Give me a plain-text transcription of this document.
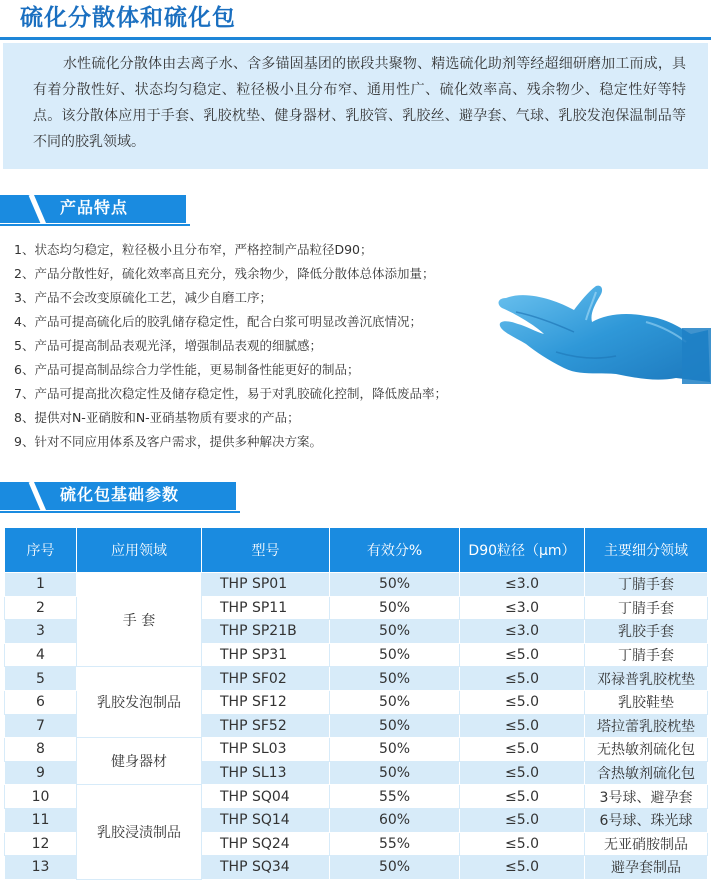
硫化分散体和硫化包

水性硫化分散体由去离子水、含多锚固基团的嵌段共聚物、精选硫化助剂等经超细研磨加工而成，具有着分散性好、状态均匀稳定、粒径极小且分布窄、通用性广、硫化效率高、残余物少、稳定性好等特点。该分散体应用于手套、乳胶枕垫、健身器材、乳胶管、乳胶丝、避孕套、气球、乳胶发泡保温制品等不同的胶乳领域。

产品特点
1、状态均匀稳定，粒径极小且分布窄，严格控制产品粒径D90；
2、产品分散性好，硫化效率高且充分，残余物少，降低分散体总体添加量；
3、产品不会改变原硫化工艺，减少自磨工序；
4、产品可提高硫化后的胶乳储存稳定性，配合白浆可明显改善沉底情况；
5、产品可提高制品表观光泽，增强制品表观的细腻感；
6、产品可提高制品综合力学性能，更易制备性能更好的制品；
7、产品可提高批次稳定性及储存稳定性，易于对乳胶硫化控制，降低废品率；
8、提供对N-亚硝胺和N-亚硝基物质有要求的产品；
9、针对不同应用体系及客户需求，提供多种解决方案。
硫化包基础参数
序号	应用领域	型号	有效分%	D90粒径（μm）	主要细分领域
1	手 套	THP SP01	50%	≤3.0	丁腈手套
2		THP SP11	50%	≤3.0	丁腈手套
3		THP SP21B	50%	≤3.0	乳胶手套
4		THP SP31	50%	≤5.0	丁腈手套
5	乳胶发泡制品	THP SF02	50%	≤5.0	邓禄普乳胶枕垫
6		THP SF12	50%	≤5.0	乳胶鞋垫
7		THP SF52	50%	≤5.0	塔拉蕾乳胶枕垫
8	健身器材	THP SL03	50%	≤5.0	无热敏剂硫化包
9		THP SL13	50%	≤5.0	含热敏剂硫化包
10	乳胶浸渍制品	THP SQ04	55%	≤5.0	3号球、避孕套
11		THP SQ14	60%	≤5.0	6号球、珠光球
12		THP SQ24	55%	≤5.0	无亚硝胺制品
13		THP SQ34	50%	≤5.0	避孕套制品
